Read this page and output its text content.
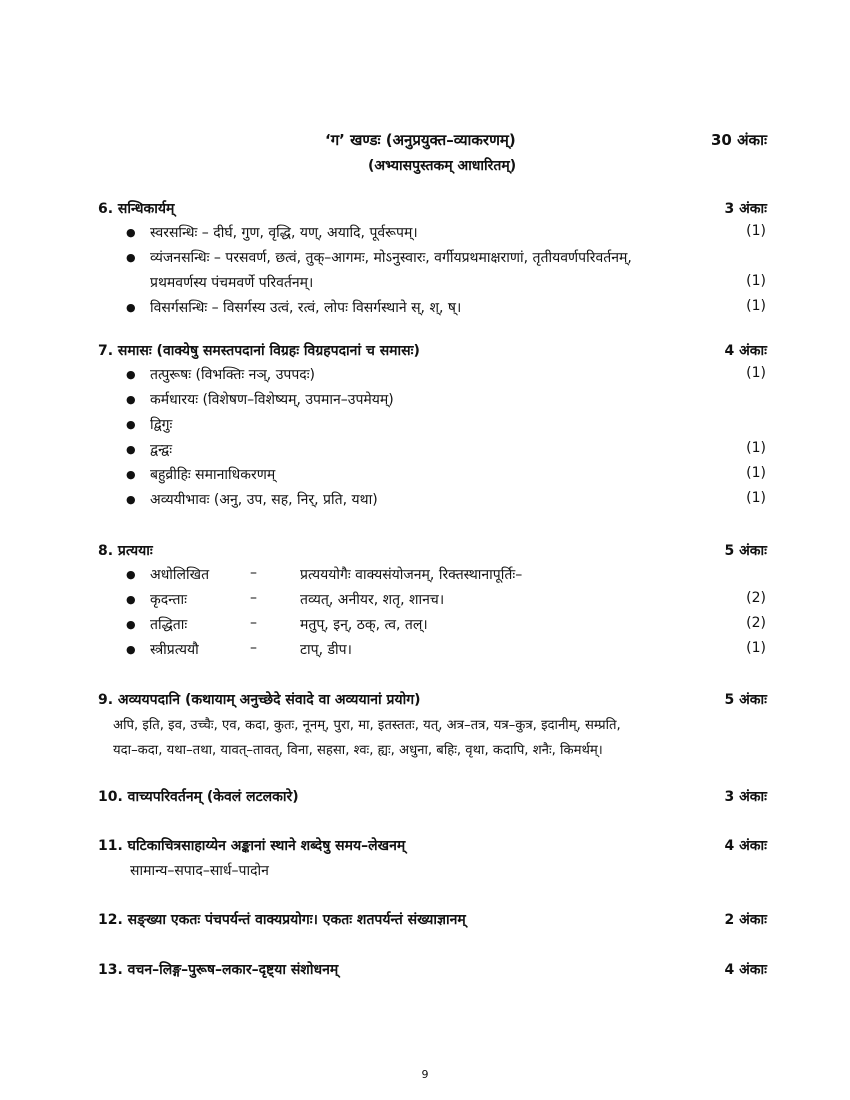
‘ग’ खण्डः (अनुप्रयुक्त–व्याकरणम्)	30 अंकाः
(अभ्यासपुस्तकम् आधारितम्)
6. सन्धिकार्यम्	3 अंकाः
● स्वरसन्धिः – दीर्घ, गुण, वृद्धि, यण्, अयादि, पूर्वरूपम्।	(1)
● व्यंजनसन्धिः – परसवर्ण, छत्वं, तुक्–आगमः, मोऽनुस्वारः, वर्गीयप्रथमाक्षराणां, तृतीयवर्णपरिवर्तनम्,
प्रथमवर्णस्य पंचमवर्णे परिवर्तनम्।	(1)
● विसर्गसन्धिः – विसर्गस्य उत्वं, रत्वं, लोपः विसर्गस्थाने स्, श्, ष्।	(1)
7. समासः (वाक्येषु समस्तपदानां विग्रहः विग्रहपदानां च समासः)	4 अंकाः
● तत्पुरूषः (विभक्तिः नञ्, उपपदः)	(1)
● कर्मधारयः (विशेषण–विशेष्यम्, उपमान–उपमेयम्)
● द्विगुः
● द्वन्द्वः	(1)
● बहुव्रीहिः समानाधिकरणम्	(1)
● अव्ययीभावः (अनु, उप, सह, निर्, प्रति, यथा)	(1)
8. प्रत्ययाः	5 अंकाः
● अधोलिखित	–	प्रत्यययोगैः वाक्यसंयोजनम्, रिक्तस्थानापूर्तिः–
● कृदन्ताः	–	तव्यत्, अनीयर, शतृ, शानच।	(2)
● तद्धिताः	–	मतुप्, इन्, ठक्, त्व, तल्।	(2)
● स्त्रीप्रत्ययौ	–	टाप्, डीप।	(1)
9. अव्ययपदानि (कथायाम् अनुच्छेदे संवादे वा अव्ययानां प्रयोग)	5 अंकाः
अपि, इति, इव, उच्चैः, एव, कदा, कुतः, नूनम्, पुरा, मा, इतस्ततः, यत्, अत्र–तत्र, यत्र–कुत्र, इदानीम्, सम्प्रति,
यदा–कदा, यथा–तथा, यावत्–तावत्, विना, सहसा, श्वः, ह्यः, अधुना, बहिः, वृथा, कदापि, शनैः, किमर्थम्।
10. वाच्यपरिवर्तनम् (केवलं लटलकारे)	3 अंकाः
11. घटिकाचित्रसाहाय्येन अङ्कानां स्थाने शब्देषु समय–लेखनम्	4 अंकाः
सामान्य–सपाद–सार्ध–पादोन
12. सङ्ख्या एकतः पंचपर्यन्तं वाक्यप्रयोगः। एकतः शतपर्यन्तं संख्याज्ञानम्	2 अंकाः
13. वचन–लिङ्ग–पुरूष–लकार–दृष्ट्या संशोधनम्	4 अंकाः
9
